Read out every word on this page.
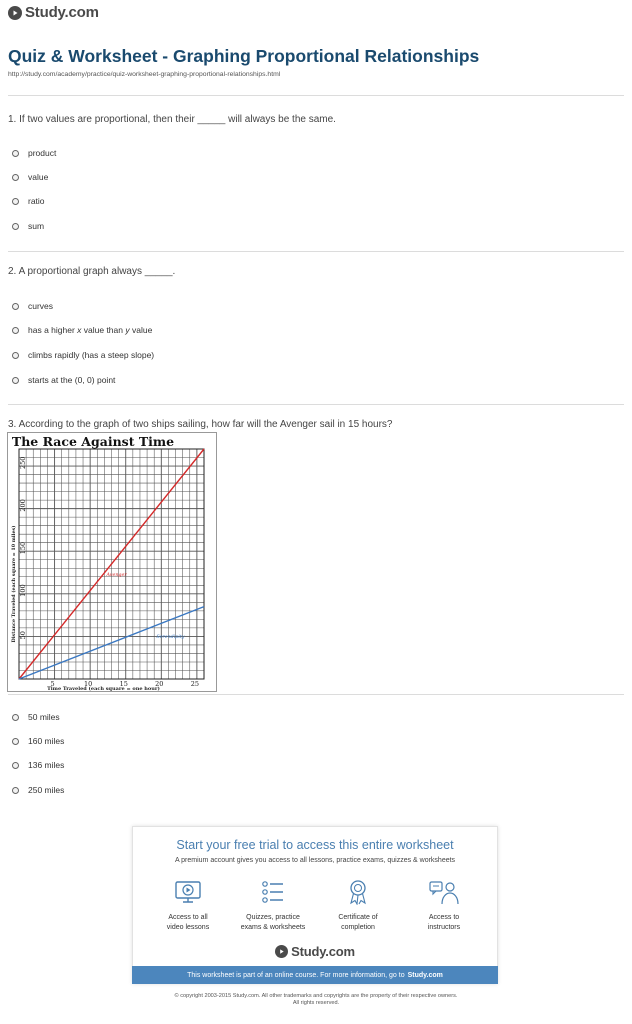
Study.com
Quiz & Worksheet - Graphing Proportional Relationships
http://study.com/academy/practice/quiz-worksheet-graphing-proportional-relationships.html
1. If two values are proportional, then their _____ will always be the same.
product
value
ratio
sum
2. A proportional graph always _____.
curves
has a higher x value than y value
climbs rapidly (has a steep slope)
starts at the (0, 0) point
3. According to the graph of two ships sailing, how far will the Avenger sail in 15 hours?
The Race Against Time
5	10	15	20	25
50
100
150
200
250
Time Traveled (each square = one hour)
Distance Traveled (each square = 10 miles)	Avenger
Serendipity
50 miles
160 miles
136 miles
250 miles
Start your free trial to access this entire worksheet
A premium account gives you access to all lessons, practice exams, quizzes & worksheets
Access to all
video lessons
Quizzes, practice
exams & worksheets
Certificate of
completion
Access to
instructors
Study.com
This worksheet is part of an online course. For more information, go to Study.com
© copyright 2003-2015 Study.com. All other trademarks and copyrights are the property of their respective owners.
All rights reserved.
